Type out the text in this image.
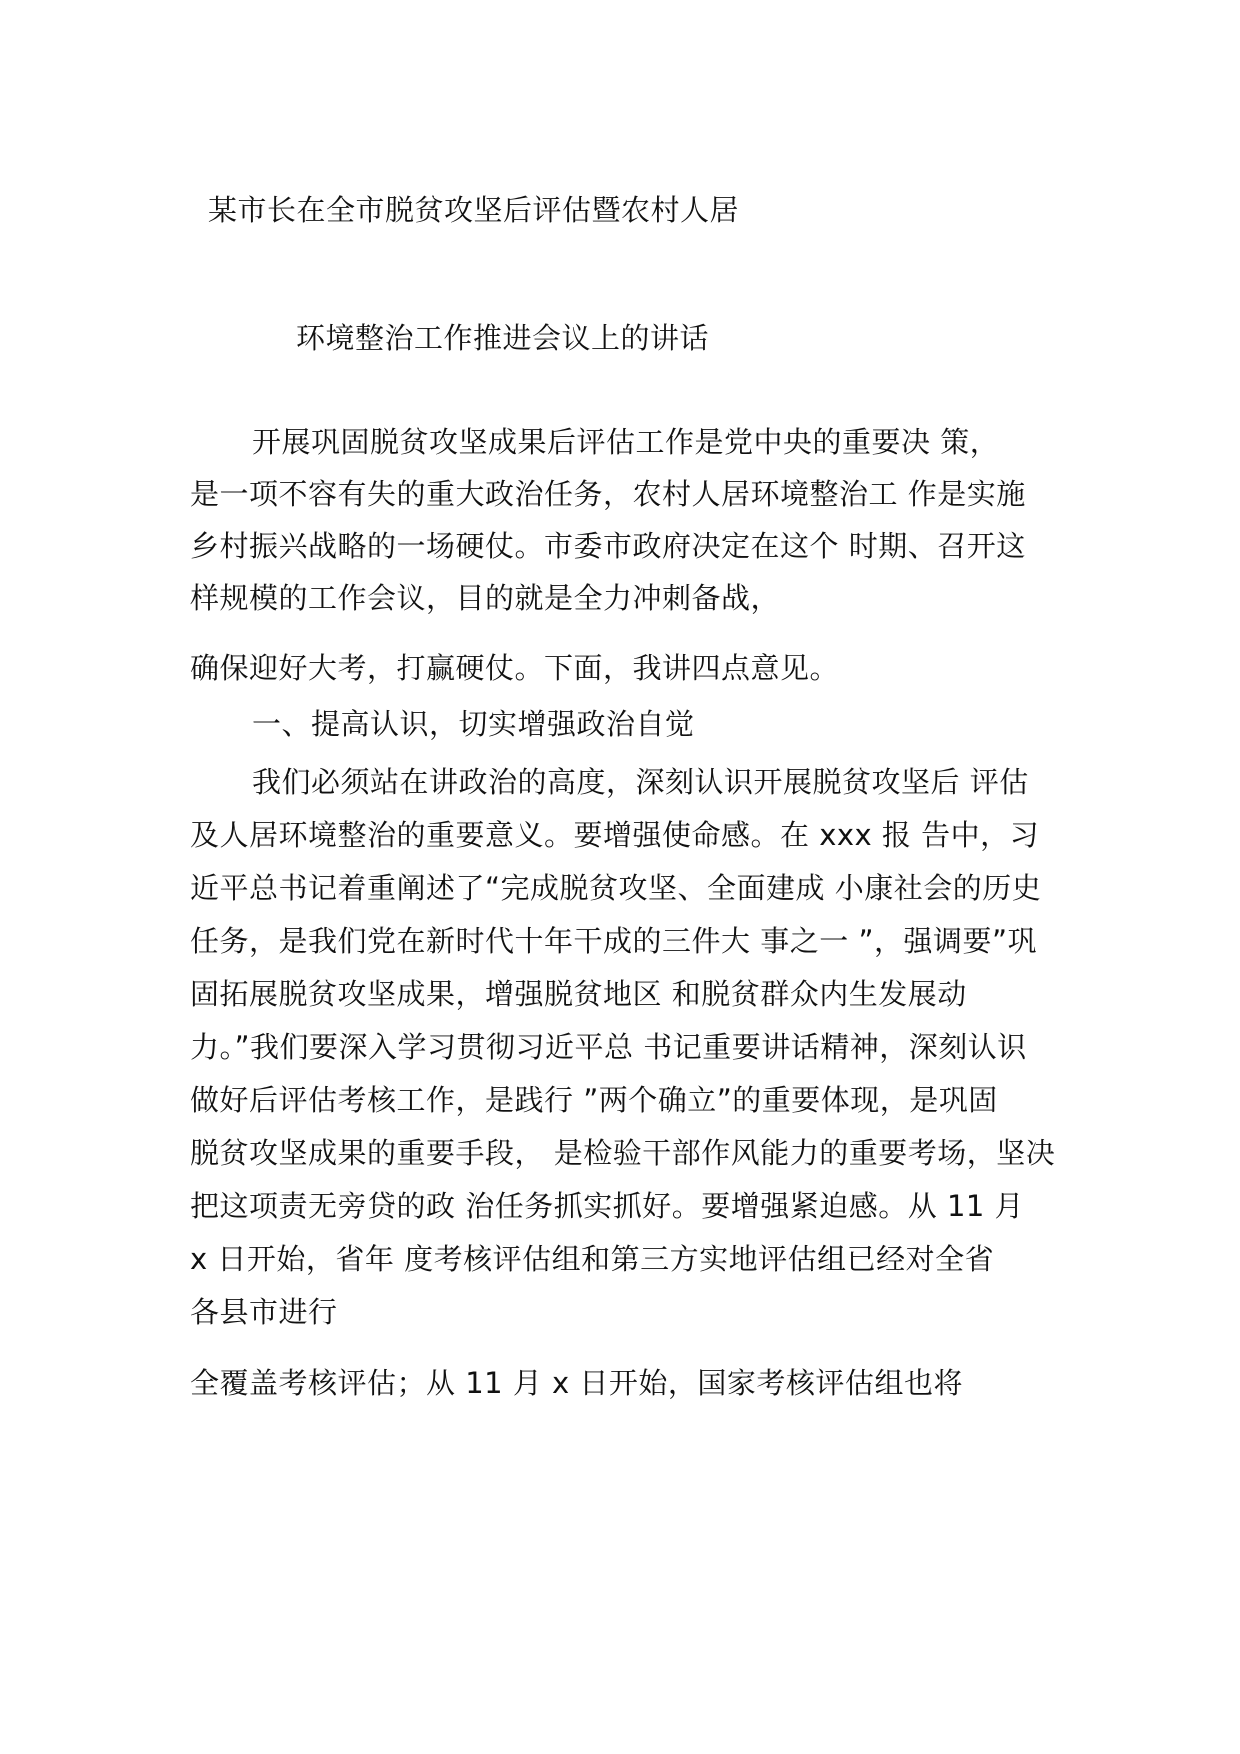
某市长在全市脱贫攻坚后评估暨农村人居
环境整治工作推进会议上的讲话
开展巩固脱贫攻坚成果后评估工作是党中央的重要决 策，
是一项不容有失的重大政治任务，农村人居环境整治工 作是实施
乡村振兴战略的一场硬仗。市委市政府决定在这个 时期、召开这
样规模的工作会议，目的就是全力冲刺备战，
确保迎好大考，打赢硬仗。下面，我讲四点意见。
一、提高认识，切实增强政治自觉
我们必须站在讲政治的高度，深刻认识开展脱贫攻坚后 评估
及人居环境整治的重要意义。要增强使命感。在 xxx 报 告中，习
近平总书记着重阐述了“完成脱贫攻坚、全面建成 小康社会的历史
任务，是我们党在新时代十年干成的三件大 事之一 ”，强调要”巩
固拓展脱贫攻坚成果，增强脱贫地区 和脱贫群众内生发展动
力。”我们要深入学习贯彻习近平总 书记重要讲话精神，深刻认识
做好后评估考核工作，是践行 ”两个确立”的重要体现，是巩固
脱贫攻坚成果的重要手段， 是检验干部作风能力的重要考场，坚决
把这项责无旁贷的政 治任务抓实抓好。要增强紧迫感。从 11 月
x 日开始，省年 度考核评估组和第三方实地评估组已经对全省
各县市进行
全覆盖考核评估；从 11 月 x 日开始，国家考核评估组也将
